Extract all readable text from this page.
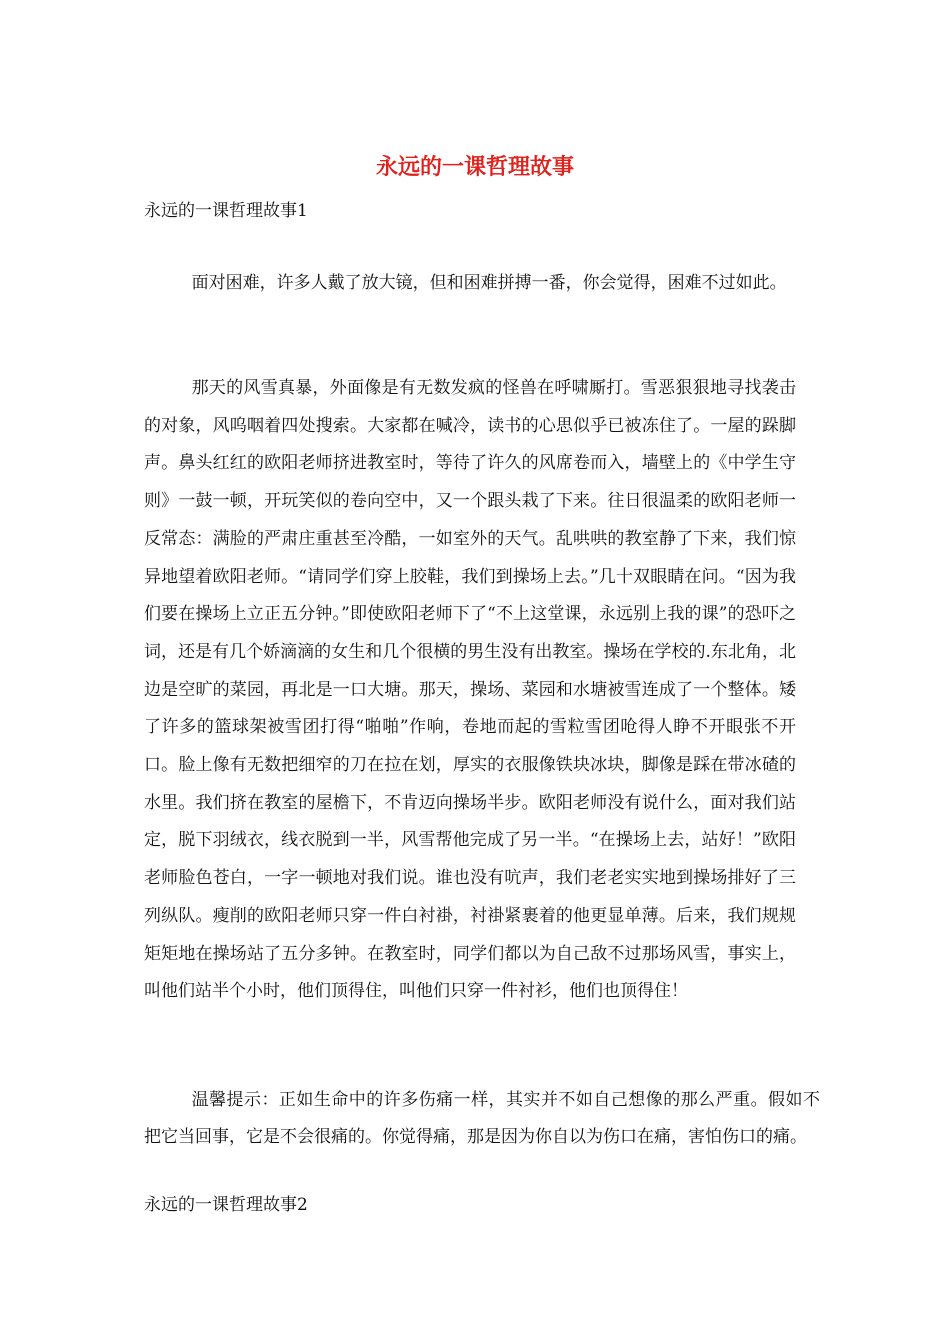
永远的一课哲理故事

永远的一课哲理故事1

面对困难，许多人戴了放大镜，但和困难拼搏一番，你会觉得，困难不过如此。

那天的风雪真暴，外面像是有无数发疯的怪兽在呼啸厮打。雪恶狠狠地寻找袭击的对象，风呜咽着四处搜索。大家都在喊冷，读书的心思似乎已被冻住了。一屋的跺脚声。鼻头红红的欧阳老师挤进教室时，等待了许久的风席卷而入，墙壁上的《中学生守则》一鼓一顿，开玩笑似的卷向空中，又一个跟头栽了下来。往日很温柔的欧阳老师一反常态：满脸的严肃庄重甚至冷酷，一如室外的天气。乱哄哄的教室静了下来，我们惊异地望着欧阳老师。“请同学们穿上胶鞋，我们到操场上去。”几十双眼睛在问。“因为我们要在操场上立正五分钟。”即使欧阳老师下了“不上这堂课，永远别上我的课”的恐吓之词，还是有几个娇滴滴的女生和几个很横的男生没有出教室。操场在学校的.东北角，北边是空旷的菜园，再北是一口大塘。那天，操场、菜园和水塘被雪连成了一个整体。矮了许多的篮球架被雪团打得“啪啪”作响，卷地而起的雪粒雪团呛得人睁不开眼张不开口。脸上像有无数把细窄的刀在拉在划，厚实的衣服像铁块冰块，脚像是踩在带冰碴的水里。我们挤在教室的屋檐下，不肯迈向操场半步。欧阳老师没有说什么，面对我们站定，脱下羽绒衣，线衣脱到一半，风雪帮他完成了另一半。“在操场上去，站好！”欧阳老师脸色苍白，一字一顿地对我们说。谁也没有吭声，我们老老实实地到操场排好了三列纵队。瘦削的欧阳老师只穿一件白衬褂，衬褂紧裹着的他更显单薄。后来，我们规规矩矩地在操场站了五分多钟。在教室时，同学们都以为自己敌不过那场风雪，事实上，叫他们站半个小时，他们顶得住，叫他们只穿一件衬衫，他们也顶得住！

温馨提示：正如生命中的许多伤痛一样，其实并不如自己想像的那么严重。假如不把它当回事，它是不会很痛的。你觉得痛，那是因为你自以为伤口在痛，害怕伤口的痛。

永远的一课哲理故事2
